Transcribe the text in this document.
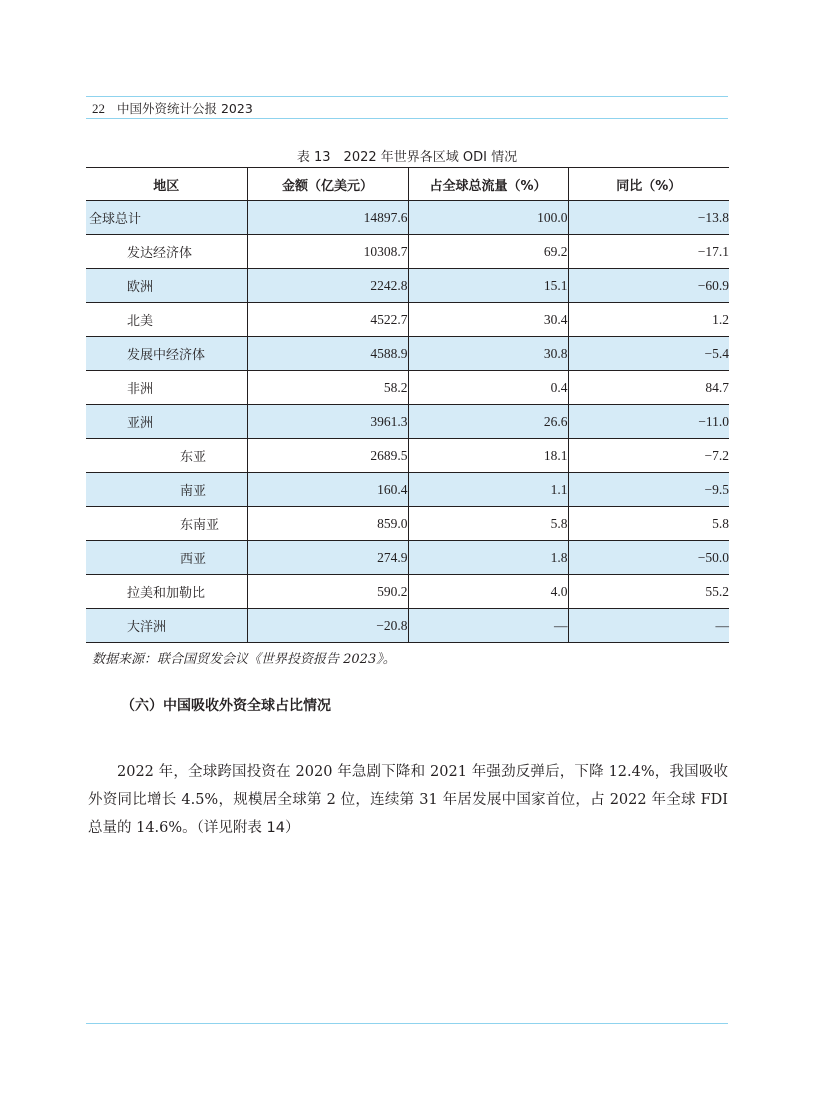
22 中国外资统计公报 2023
表 13　2022 年世界各区域 ODI 情况
地区	金额（亿美元）	占全球总流量（%）	同比（%）
全球总计	14897.6	100.0	−13.8
发达经济体	10308.7	69.2	−17.1
欧洲	2242.8	15.1	−60.9
北美	4522.7	30.4	1.2
发展中经济体	4588.9	30.8	−5.4
非洲	58.2	0.4	84.7
亚洲	3961.3	26.6	−11.0
东亚	2689.5	18.1	−7.2
南亚	160.4	1.1	−9.5
东南亚	859.0	5.8	5.8
西亚	274.9	1.8	−50.0
拉美和加勒比	590.2	4.0	55.2
大洋洲	−20.8	—	—
数据来源：联合国贸发会议《世界投资报告 2023》。
（六）中国吸收外资全球占比情况

2022 年，全球跨国投资在 2020 年急剧下降和 2021 年强劲反弹后，下降 12.4%，我国吸收外资同比增长 4.5%，规模居全球第 2 位，连续第 31 年居发展中国家首位，占 2022 年全球 FDI 总量的 14.6%。（详见附表 14）
